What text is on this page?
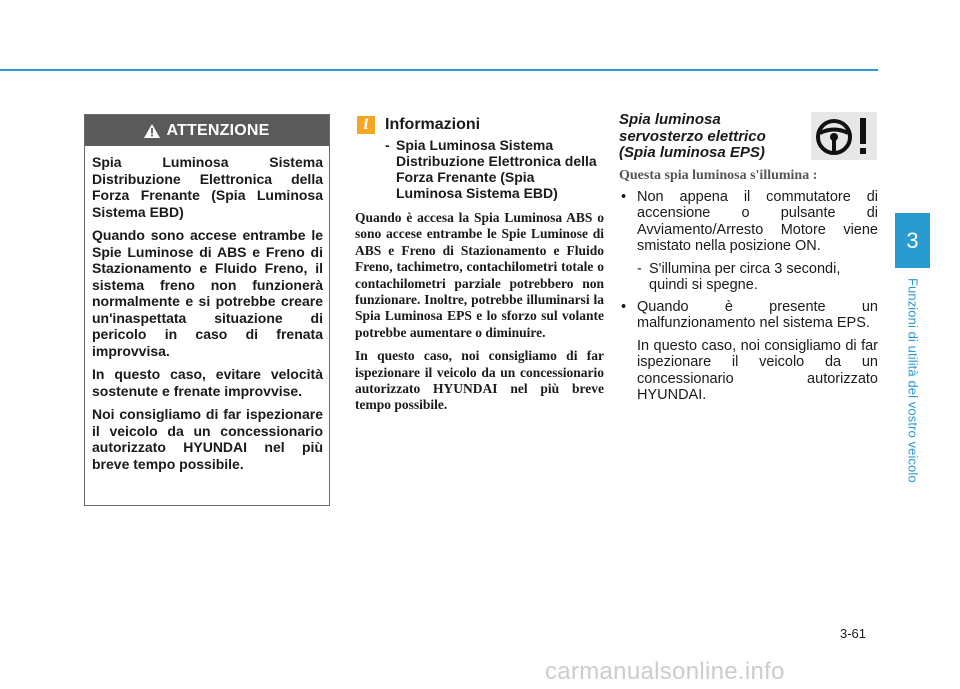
ATTENZIONE

Spia Luminosa Sistema Distribuzione Elettronica della Forza Frenante (Spia Luminosa Sistema EBD)

Quando sono accese entrambe le Spie Luminose di ABS e Freno di Stazionamento e Fluido Freno, il sistema freno non funzionerà normalmente e si potrebbe creare un'inaspettata situazione di pericolo in caso di frenata improvvisa.

In questo caso, evitare velocità sostenute e frenate improvvise.

Noi consigliamo di far ispezionare il veicolo da un concessionario autorizzato HYUNDAI nel più breve tempo possibile.

i	Informazioni
- Spia Luminosa Sistema Distribuzione Elettronica della Forza Frenante (Spia Luminosa Sistema EBD)

Quando è accesa la Spia Luminosa ABS o sono accese entrambe le Spie Luminose di ABS e Freno di Stazionamento e Fluido Freno, tachimetro, contachilometri totale o contachilometri parziale potrebbero non funzionare. Inoltre, potrebbe illuminarsi la Spia Luminosa EPS e lo sforzo sul volante potrebbe aumentare o diminuire.

In questo caso, noi consigliamo di far ispezionare il veicolo da un concessionario autorizzato HYUNDAI nel più breve tempo possibile.

Spia luminosa servosterzo elettrico (Spia luminosa EPS)
Questa spia luminosa s'illumina :
• Non appena il commutatore di accensione o pulsante di Avviamento/Arresto Motore viene smistato nella posizione ON.
- S'illumina per circa 3 secondi, quindi si spegne.
• Quando è presente un malfunzionamento nel sistema EPS.

In questo caso, noi consigliamo di far ispezionare il veicolo da un concessionario autorizzato HYUNDAI.

3
Funzioni di utilità del vostro veicolo
3-61
carmanualsonline.info
